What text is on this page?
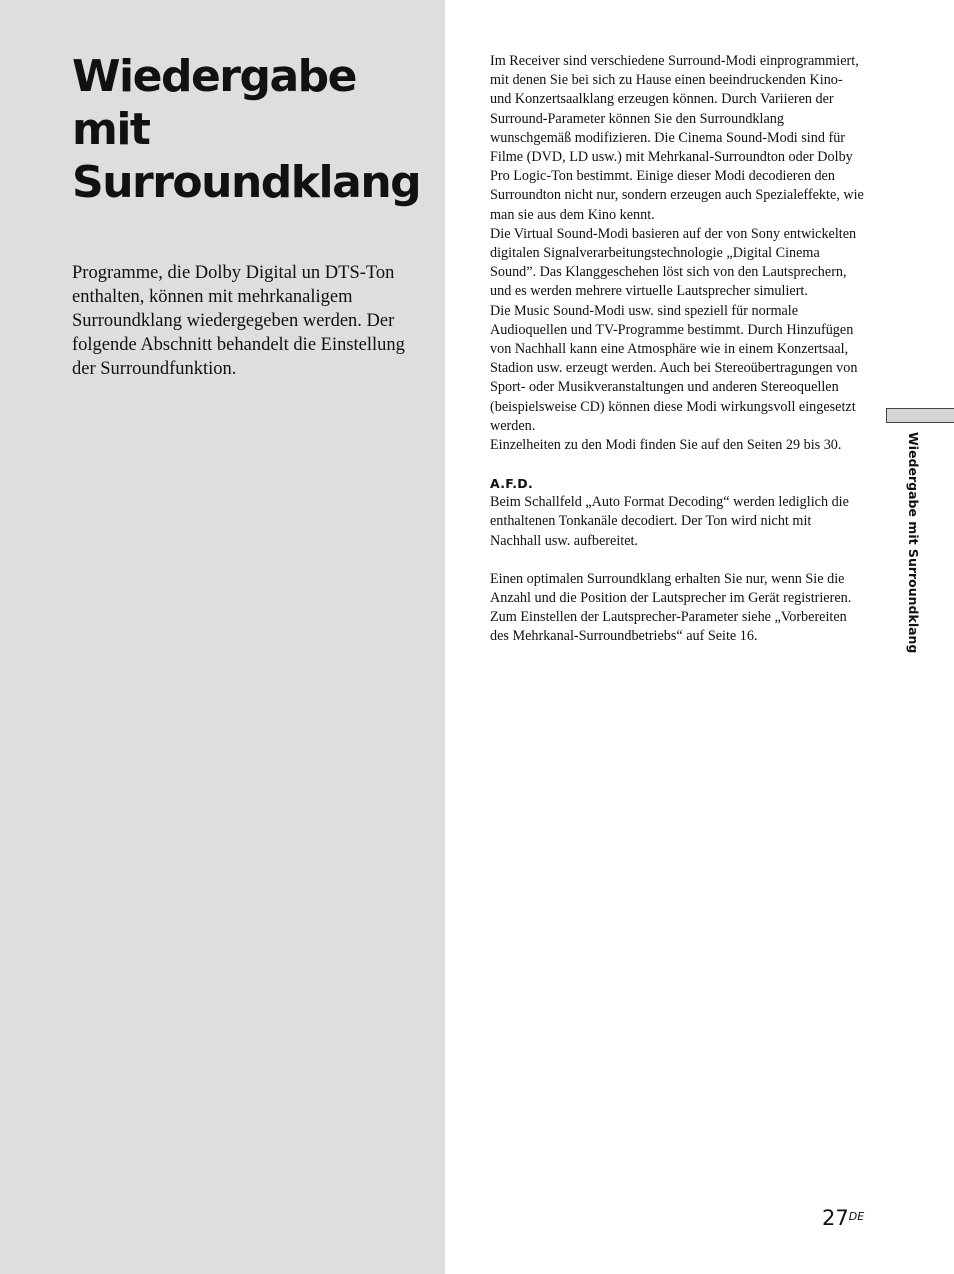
Wiedergabe
mit
Surroundklang

Programme, die Dolby Digital un DTS-Ton enthalten, können mit mehrkanaligem Surroundklang wiedergegeben werden. Der folgende Abschnitt behandelt die Einstellung der Surroundfunktion.

Im Receiver sind verschiedene Surround-Modi einprogrammiert, mit denen Sie bei sich zu Hause einen beeindruckenden Kino- und Konzertsaalklang erzeugen können. Durch Variieren der Surround-Parameter können Sie den Surroundklang wunschgemäß modifizieren. Die Cinema Sound-Modi sind für Filme (DVD, LD usw.) mit Mehrkanal-Surroundton oder Dolby Pro Logic-Ton bestimmt. Einige dieser Modi decodieren den Surroundton nicht nur, sondern erzeugen auch Spezialeffekte, wie man sie aus dem Kino kennt.

Die Virtual Sound-Modi basieren auf der von Sony entwickelten digitalen Signalverarbeitungstechnologie „Digital Cinema Sound”. Das Klanggeschehen löst sich von den Lautsprechern, und es werden mehrere virtuelle Lautsprecher simuliert.

Die Music Sound-Modi usw. sind speziell für normale Audioquellen und TV-Programme bestimmt. Durch Hinzufügen von Nachhall kann eine Atmosphäre wie in einem Konzertsaal, Stadion usw. erzeugt werden. Auch bei Stereoübertragungen von Sport- oder Musikveranstaltungen und anderen Stereoquellen (beispielsweise CD) können diese Modi wirkungsvoll eingesetzt werden.

Einzelheiten zu den Modi finden Sie auf den Seiten 29 bis 30.

A.F.D.

Beim Schallfeld „Auto Format Decoding“ werden lediglich die enthaltenen Tonkanäle decodiert. Der Ton wird nicht mit Nachhall usw. aufbereitet.

Einen optimalen Surroundklang erhalten Sie nur, wenn Sie die Anzahl und die Position der Lautsprecher im Gerät registrieren. Zum Einstellen der Lautsprecher-Parameter siehe „Vorbereiten des Mehrkanal-Surroundbetriebs“ auf Seite 16.	Wiedergabe mit Surroundklang
27DE
